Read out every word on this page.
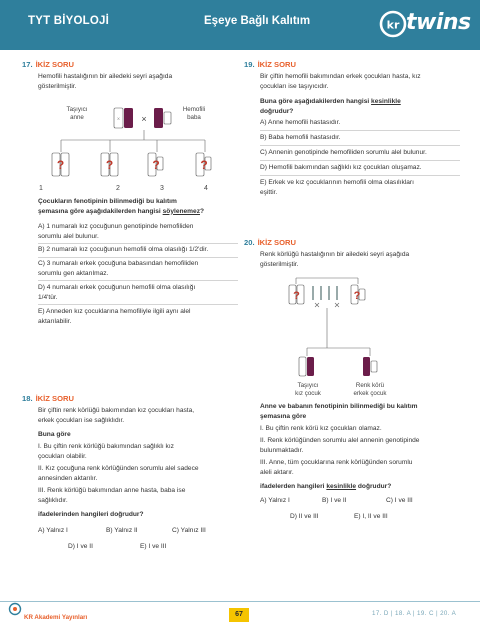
TYT BİYOLOJİ	Eşeye Bağlı Kalıtım	kr twins
17. İKİZ SORU
Hemofili hastalığının bir ailedeki seyri aşağıda
gösterilmiştir.
Taşıyıcı
anne
Hemofili
baba
X ×
?	?	?	?
1	2	3	4
?	?
Çocukların fenotipinin bilinmediği bu kalıtım
şemasına göre aşağıdakilerden hangisi söylenemez?
A) 1 numaralı kız çocuğunun genotipinde hemofiliden
sorumlu alel bulunur.
B) 2 numaralı kız çocuğunun hemofili olma olasılığı 1/2'dir.
C) 3 numaralı erkek çocuğuna babasından hemofiliden
sorumlu gen aktarılmaz.
D) 4 numaralı erkek çocuğunun hemofili olma olasılığı
1/4'tür.
E) Anneden kız çocuklarına hemofiliyle ilgili aynı alel
aktarılabilir.
18. İKİZ SORU
Bir çiftin renk körlüğü bakımından kız çocukları hasta,
erkek çocukları ise sağlıklıdır.
Buna göre
I. Bu çiftin renk körlüğü bakımından sağlıklı kız
çocukları olabilir.
II. Kız çocuğuna renk körlüğünden sorumlu alel sadece
annesinden aktarılır.
III. Renk körlüğü bakımından anne hasta, baba ise
sağlıklıdır.
ifadelerinden hangileri doğrudur?
A) Yalnız I	B) Yalnız II	C) Yalnız III
D) I ve II	E) I ve III
19. İKİZ SORU
Bir çiftin hemofili bakımından erkek çocukları hasta, kız
çocukları ise taşıyıcıdır.
Buna göre aşağıdakilerden hangisi kesinlikle
doğrudur?
A) Anne hemofili hastasıdır.
B) Baba hemofili hastasıdır.
C) Annenin genotipinde hemofiliden sorumlu alel bulunur.
D) Hemofili bakımından sağlıklı kız çocukları oluşamaz.
E) Erkek ve kız çocuklarının hemofili olma olasılıkları
eşittir.
20. İKİZ SORU
Renk körlüğü hastalığının bir ailedeki seyri aşağıda
gösterilmiştir.
Taşıyıcı
kız çocuk
Renk körü
erkek çocuk
Anne ve babanın fenotipinin bilinmediği bu kalıtım
şemasına göre
I. Bu çiftin renk körü kız çocukları olamaz.
II. Renk körlüğünden sorumlu alel annenin genotipinde
bulunmaktadır.
III. Anne, tüm çocuklarına renk körlüğünden sorumlu
aleli aktarır.
ifadelerden hangileri kesinlikle doğrudur?
A) Yalnız I	B) I ve II	C) I ve III
D) II ve III	E) I, II ve III
KR Akademi Yayınları	67	17. D | 18. A | 19. C | 20. A
